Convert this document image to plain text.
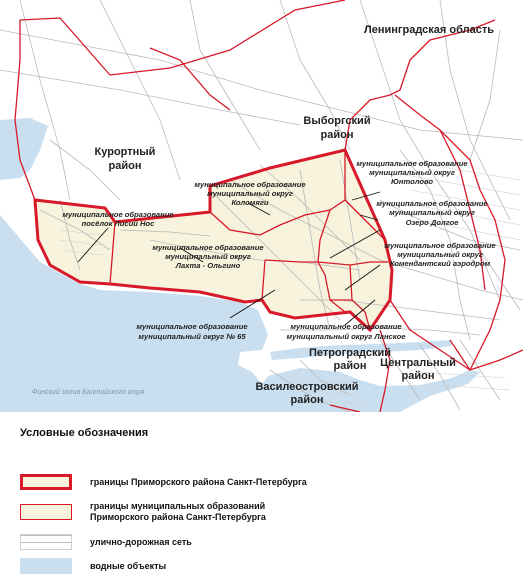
Ленинградская область
Курортный
район
Выборгский
район
Петроградский
район
Василеостровский
район
Центральный
район
муниципальное образование
посёлок Лисий Нос
муниципальное образование
муниципальный округ
Коломяги
муниципальное образование
муниципальный округ
Юнтолово
муниципальное образование
муниципальный округ
Озеро Долгое
муниципальное образование
муниципальный округ
Лахта - Ольгино
муниципальное образование
муниципальный округ
Комендантский аэродром
муниципальное образование
муниципальный округ № 65
муниципальное образование
муниципальный округ Ланское
Финский залив Балтийского моря
Условные обозначения
границы Приморского района Санкт-Петербурга
границы муниципальных образований
Приморского района Санкт-Петербурга
улично-дорожная сеть
водные объекты
